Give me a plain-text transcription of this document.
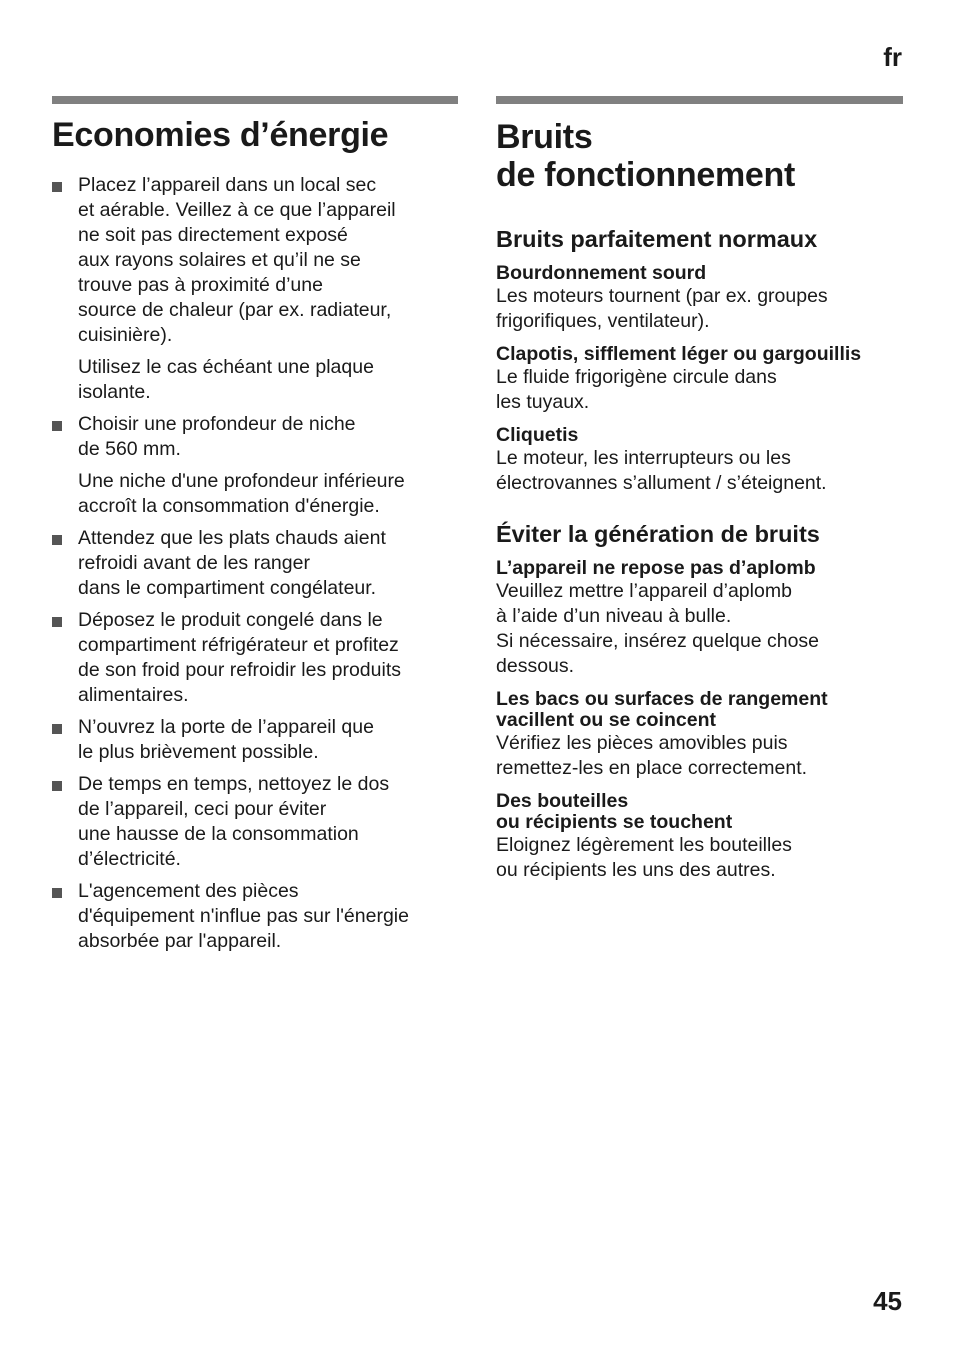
fr
Economies d’énergie

Placez l’appareil dans un local sec
et aérable. Veillez à ce que l’appareil
ne soit pas directement exposé
aux rayons solaires et qu’il ne se
trouve pas à proximité d’une
source de chaleur (par ex. radiateur,
cuisinière).

Utilisez le cas échéant une plaque
isolante.

Choisir une profondeur de niche
de 560 mm.

Une niche d'une profondeur inférieure
accroît la consommation d'énergie.

Attendez que les plats chauds aient
refroidi avant de les ranger
dans le compartiment congélateur.

Déposez le produit congelé dans le
compartiment réfrigérateur et profitez
de son froid pour refroidir les produits
alimentaires.

N’ouvrez la porte de l’appareil que
le plus brièvement possible.

De temps en temps, nettoyez le dos
de l’appareil, ceci pour éviter
une hausse de la consommation
d’électricité.

L'agencement des pièces
d'équipement n'influe pas sur l'énergie
absorbée par l'appareil.

Bruits
de fonctionnement
Bruits parfaitement normaux

Bourdonnement sourd

Les moteurs tournent (par ex. groupes
frigorifiques, ventilateur).

Clapotis, sifflement léger ou gargouillis

Le fluide frigorigène circule dans
les tuyaux.

Cliquetis

Le moteur, les interrupteurs ou les
électrovannes s’allument / s’éteignent.

Éviter la génération de bruits

L’appareil ne repose pas d’aplomb

Veuillez mettre l’appareil d’aplomb
à l’aide d’un niveau à bulle.
Si nécessaire, insérez quelque chose
dessous.

Les bacs ou surfaces de rangement
vacillent ou se coincent

Vérifiez les pièces amovibles puis
remettez-les en place correctement.

Des bouteilles
ou récipients se touchent

Eloignez légèrement les bouteilles
ou récipients les uns des autres.

45
